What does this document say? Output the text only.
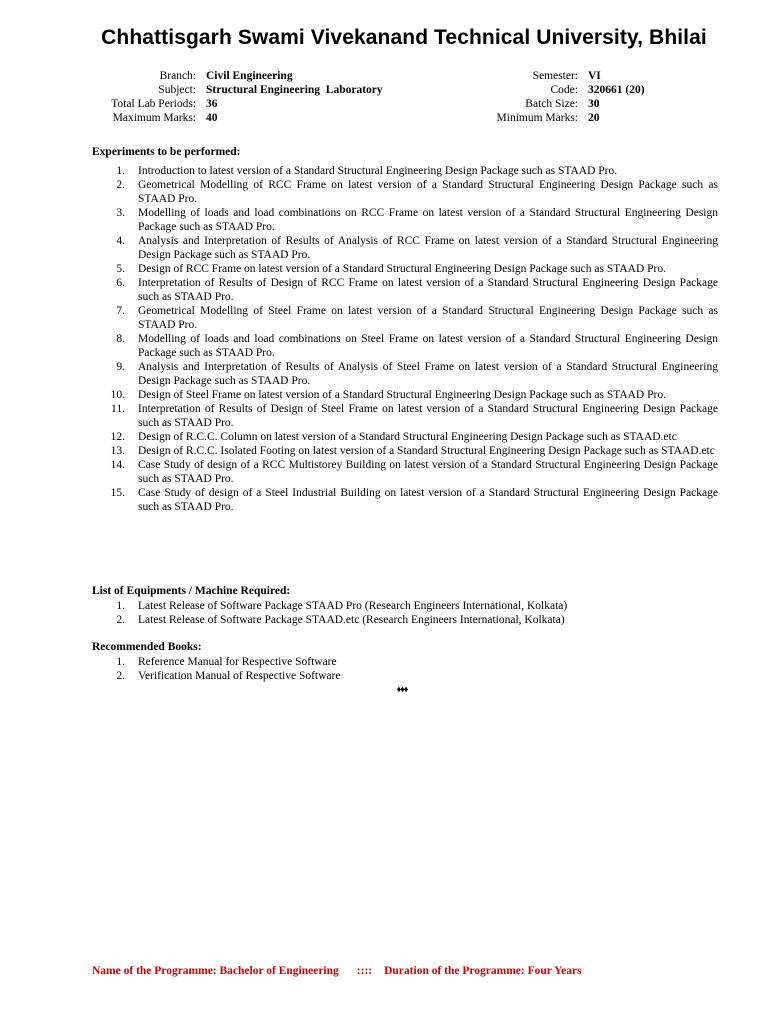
Chhattisgarh Swami Vivekanand Technical University, Bhilai
Branch: Civil Engineering
Subject: Structural Engineering  Laboratory
Total Lab Periods: 36
Maximum Marks: 40
Semester: VI
Code: 320661 (20)
Batch Size: 30
Minimum Marks: 20
Experiments to be performed:
1. Introduction to latest version of a Standard Structural Engineering Design Package such as STAAD Pro.
2. Geometrical Modelling of RCC Frame on latest version of a Standard Structural Engineering Design Package such as STAAD Pro.
3. Modelling of loads and load combinations on RCC Frame on latest version of a Standard Structural Engineering Design Package such as STAAD Pro.
4. Analysis and Interpretation of Results of Analysis of RCC Frame on latest version of a Standard Structural Engineering Design Package such as STAAD Pro.
5. Design of RCC Frame on latest version of a Standard Structural Engineering Design Package such as STAAD Pro.
6. Interpretation of Results of Design of RCC Frame on latest version of a Standard Structural Engineering Design Package such as STAAD Pro.
7. Geometrical Modelling of Steel Frame on latest version of a Standard Structural Engineering Design Package such as STAAD Pro.
8. Modelling of loads and load combinations on Steel Frame on latest version of a Standard Structural Engineering Design Package such as STAAD Pro.
9. Analysis and Interpretation of Results of Analysis of Steel Frame on latest version of a Standard Structural Engineering Design Package such as STAAD Pro.
10. Design of Steel Frame on latest version of a Standard Structural Engineering Design Package such as STAAD Pro.
11. Interpretation of Results of Design of Steel Frame on latest version of a Standard Structural Engineering Design Package such as STAAD Pro.
12. Design of R.C.C. Column on latest version of a Standard Structural Engineering Design Package such as STAAD.etc
13. Design of R.C.C. Isolated Footing on latest version of a Standard Structural Engineering Design Package such as STAAD.etc
14. Case Study of design of a RCC Multistorey Building on latest version of a Standard Structural Engineering Design Package such as STAAD Pro.
15. Case Study of design of a Steel Industrial Building on latest version of a Standard Structural Engineering Design Package such as STAAD Pro.
List of Equipments / Machine Required:
1. Latest Release of Software Package STAAD Pro (Research Engineers International, Kolkata)
2. Latest Release of Software Package STAAD.etc (Research Engineers International, Kolkata)
Recommended Books:
1. Reference Manual for Respective Software
2. Verification Manual of Respective Software
♦♦♦
Name of the Programme: Bachelor of Engineering :::: Duration of the Programme: Four Years
